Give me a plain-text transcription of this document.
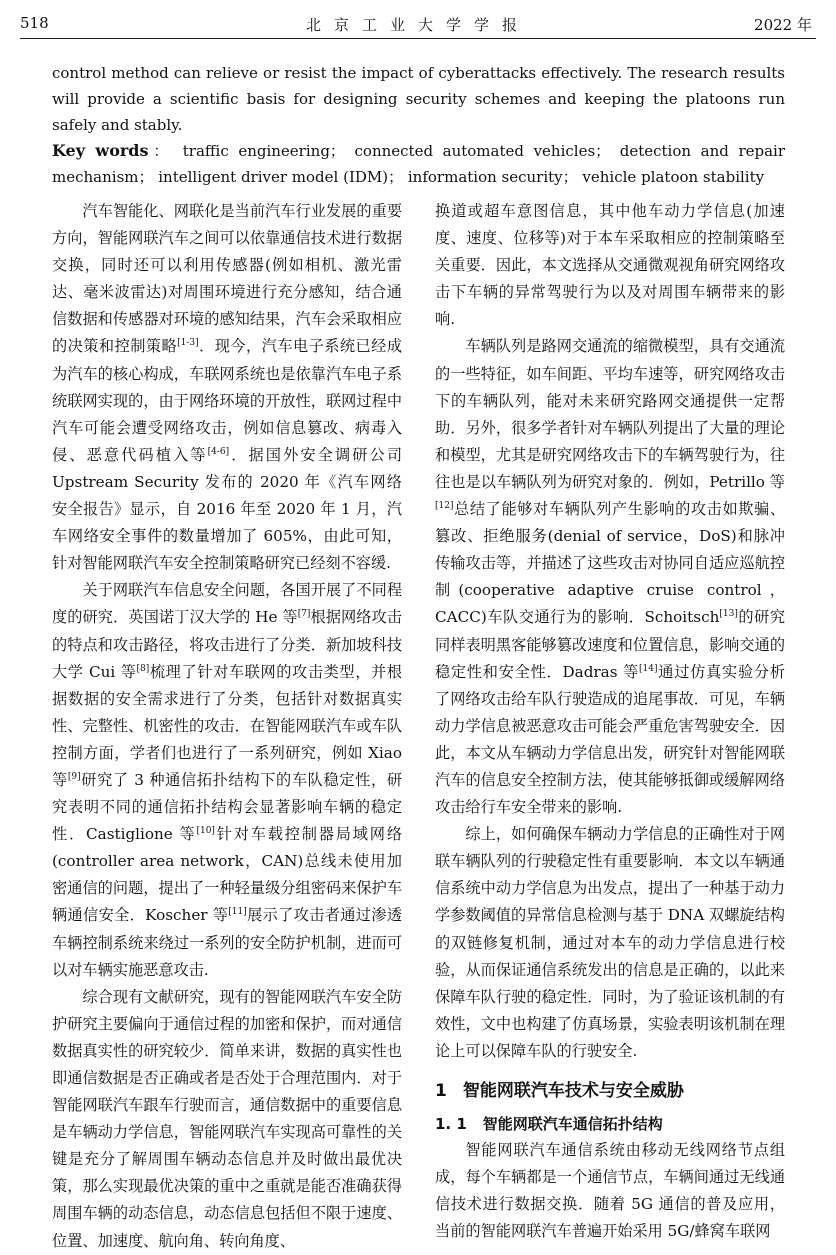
518	北京工业大学学报	2022 年

control method can relieve or resist the impact of cyberattacks effectively. The research results will provide a scientific basis for designing security schemes and keeping the platoons run safely and stably.

Key words： traffic engineering； connected automated vehicles； detection and repair mechanism； intelligent driver model (IDM)； information security； vehicle platoon stability

汽车智能化、网联化是当前汽车行业发展的重要方向，智能网联汽车之间可以依靠通信技术进行数据交换，同时还可以利用传感器(例如相机、激光雷达、毫米波雷达)对周围环境进行充分感知，结合通信数据和传感器对环境的感知结果，汽车会采取相应的决策和控制策略[1-3]．现今，汽车电子系统已经成为汽车的核心构成，车联网系统也是依靠汽车电子系统联网实现的，由于网络环境的开放性，联网过程中汽车可能会遭受网络攻击，例如信息篡改、病毒入侵、恶意代码植入等[4-6]．据国外安全调研公司 Upstream Security 发布的 2020 年《汽车网络安全报告》显示，自 2016 年至 2020 年 1 月，汽车网络安全事件的数量增加了 605%，由此可知，针对智能网联汽车安全控制策略研究已经刻不容缓.

关于网联汽车信息安全问题，各国开展了不同程度的研究．英国诺丁汉大学的 He 等[7]根据网络攻击的特点和攻击路径，将攻击进行了分类．新加坡科技大学 Cui 等[8]梳理了针对车联网的攻击类型，并根据数据的安全需求进行了分类，包括针对数据真实性、完整性、机密性的攻击．在智能网联汽车或车队控制方面，学者们也进行了一系列研究，例如 Xiao 等[9]研究了 3 种通信拓扑结构下的车队稳定性，研究表明不同的通信拓扑结构会显著影响车辆的稳定性．Castiglione 等[10]针对车载控制器局域网络(controller area network，CAN)总线未使用加密通信的问题，提出了一种轻量级分组密码来保护车辆通信安全．Koscher 等[11]展示了攻击者通过渗透车辆控制系统来绕过一系列的安全防护机制，进而可以对车辆实施恶意攻击.

综合现有文献研究，现有的智能网联汽车安全防护研究主要偏向于通信过程的加密和保护，而对通信数据真实性的研究较少．简单来讲，数据的真实性也即通信数据是否正确或者是否处于合理范围内．对于智能网联汽车跟车行驶而言，通信数据中的重要信息是车辆动力学信息，智能网联汽车实现高可靠性的关键是充分了解周围车辆动态信息并及时做出最优决策，那么实现最优决策的重中之重就是能否准确获得周围车辆的动态信息，动态信息包括但不限于速度、位置、加速度、航向角、转向角度、

换道或超车意图信息，其中他车动力学信息(加速度、速度、位移等)对于本车采取相应的控制策略至关重要．因此，本文选择从交通微观视角研究网络攻击下车辆的异常驾驶行为以及对周围车辆带来的影响.

车辆队列是路网交通流的缩微模型，具有交通流的一些特征，如车间距、平均车速等，研究网络攻击下的车辆队列，能对未来研究路网交通提供一定帮助．另外，很多学者针对车辆队列提出了大量的理论和模型，尤其是研究网络攻击下的车辆驾驶行为，往往也是以车辆队列为研究对象的．例如，Petrillo 等[12]总结了能够对车辆队列产生影响的攻击如欺骗、篡改、拒绝服务(denial of service，DoS)和脉冲传输攻击等，并描述了这些攻击对协同自适应巡航控制(cooperative adaptive cruise control，CACC)车队交通行为的影响．Schoitsch[13]的研究同样表明黑客能够篡改速度和位置信息，影响交通的稳定性和安全性．Dadras 等[14]通过仿真实验分析了网络攻击给车队行驶造成的追尾事故．可见，车辆动力学信息被恶意攻击可能会严重危害驾驶安全．因此，本文从车辆动力学信息出发，研究针对智能网联汽车的信息安全控制方法，使其能够抵御或缓解网络攻击给行车安全带来的影响.

综上，如何确保车辆动力学信息的正确性对于网联车辆队列的行驶稳定性有重要影响．本文以车辆通信系统中动力学信息为出发点，提出了一种基于动力学参数阈值的异常信息检测与基于 DNA 双螺旋结构的双链修复机制，通过对本车的动力学信息进行校验，从而保证通信系统发出的信息是正确的，以此来保障车队行驶的稳定性．同时，为了验证该机制的有效性，文中也构建了仿真场景，实验表明该机制在理论上可以保障车队的行驶安全.

1 智能网联汽车技术与安全威胁
1. 1 智能网联汽车通信拓扑结构

智能网联汽车通信系统由移动无线网络节点组成，每个车辆都是一个通信节点，车辆间通过无线通信技术进行数据交换．随着 5G 通信的普及应用，当前的智能网联汽车普遍开始采用 5G/蜂窝车联网
